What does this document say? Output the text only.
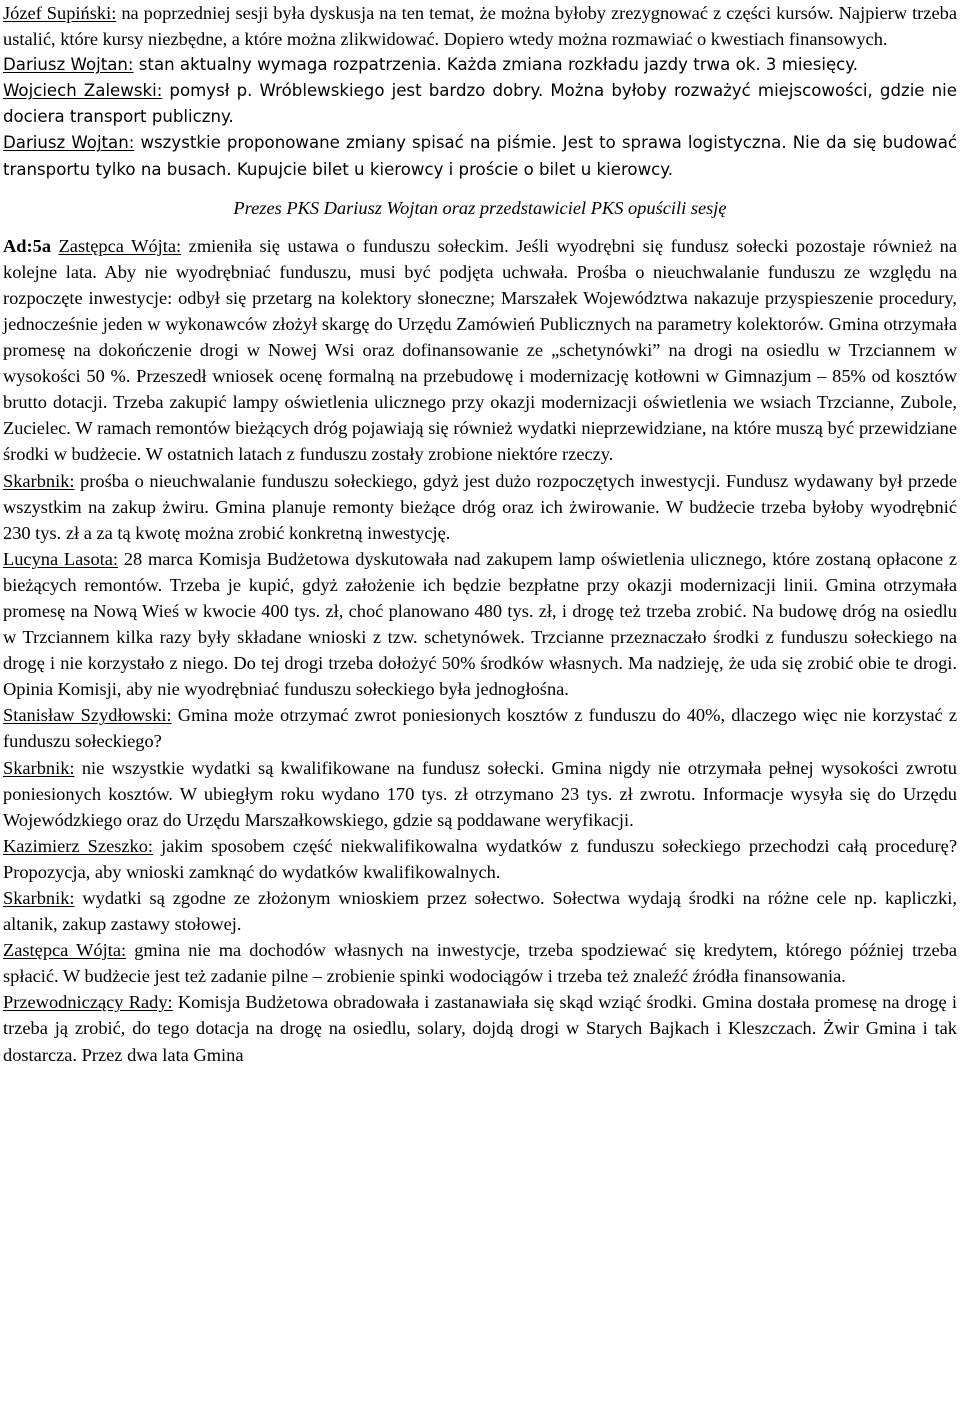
Józef Supiński: na poprzedniej sesji była dyskusja na ten temat, że można byłoby zrezygnować z części kursów. Najpierw trzeba ustalić, które kursy niezbędne, a które można zlikwidować. Dopiero wtedy można rozmawiać o kwestiach finansowych.

Dariusz Wojtan: stan aktualny wymaga rozpatrzenia. Każda zmiana rozkładu jazdy trwa ok. 3 miesięcy.

Wojciech Zalewski: pomysł p. Wróblewskiego jest bardzo dobry. Można byłoby rozważyć miejscowości, gdzie nie dociera transport publiczny.

Dariusz Wojtan: wszystkie proponowane zmiany spisać na piśmie. Jest to sprawa logistyczna. Nie da się budować transportu tylko na busach. Kupujcie bilet u kierowcy i proście o bilet u kierowcy.

Prezes PKS Dariusz Wojtan oraz przedstawiciel PKS opuścili sesję

Ad:5a Zastępca Wójta: zmieniła się ustawa o funduszu sołeckim. Jeśli wyodrębni się fundusz sołecki pozostaje również na kolejne lata. Aby nie wyodrębniać funduszu, musi być podjęta uchwała. Prośba o nieuchwalanie funduszu ze względu na rozpoczęte inwestycje: odbył się przetarg na kolektory słoneczne; Marszałek Województwa nakazuje przyspieszenie procedury, jednocześnie jeden w wykonawców złożył skargę do Urzędu Zamówień Publicznych na parametry kolektorów. Gmina otrzymała promesę na dokończenie drogi w Nowej Wsi oraz dofinansowanie ze „schetynówki” na drogi na osiedlu w Trzciannem w wysokości 50 %. Przeszedł wniosek ocenę formalną na przebudowę i modernizację kotłowni w Gimnazjum – 85% od kosztów brutto dotacji. Trzeba zakupić lampy oświetlenia ulicznego przy okazji modernizacji oświetlenia we wsiach Trzcianne, Zubole, Zucielec. W ramach remontów bieżących dróg pojawiają się również wydatki nieprzewidziane, na które muszą być przewidziane środki w budżecie. W ostatnich latach z funduszu zostały zrobione niektóre rzeczy.

Skarbnik: prośba o nieuchwalanie funduszu sołeckiego, gdyż jest dużo rozpoczętych inwestycji. Fundusz wydawany był przede wszystkim na zakup żwiru. Gmina planuje remonty bieżące dróg oraz ich żwirowanie. W budżecie trzeba byłoby wyodrębnić 230 tys. zł a za tą kwotę można zrobić konkretną inwestycję.

Lucyna Lasota: 28 marca Komisja Budżetowa dyskutowała nad zakupem lamp oświetlenia ulicznego, które zostaną opłacone z bieżących remontów. Trzeba je kupić, gdyż założenie ich będzie bezpłatne przy okazji modernizacji linii. Gmina otrzymała promesę na Nową Wieś w kwocie 400 tys. zł, choć planowano 480 tys. zł, i drogę też trzeba zrobić. Na budowę dróg na osiedlu w Trzciannem kilka razy były składane wnioski z tzw. schetynówek. Trzcianne przeznaczało środki z funduszu sołeckiego na drogę i nie korzystało z niego. Do tej drogi trzeba dołożyć 50% środków własnych. Ma nadzieję, że uda się zrobić obie te drogi. Opinia Komisji, aby nie wyodrębniać funduszu sołeckiego była jednogłośna.

Stanisław Szydłowski: Gmina może otrzymać zwrot poniesionych kosztów z funduszu do 40%, dlaczego więc nie korzystać z funduszu sołeckiego?

Skarbnik: nie wszystkie wydatki są kwalifikowane na fundusz sołecki. Gmina nigdy nie otrzymała pełnej wysokości zwrotu poniesionych kosztów. W ubiegłym roku wydano 170 tys. zł otrzymano 23 tys. zł zwrotu. Informacje wysyła się do Urzędu Wojewódzkiego oraz do Urzędu Marszałkowskiego, gdzie są poddawane weryfikacji.

Kazimierz Szeszko: jakim sposobem część niekwalifikowalna wydatków z funduszu sołeckiego przechodzi całą procedurę? Propozycja, aby wnioski zamknąć do wydatków kwalifikowalnych.

Skarbnik: wydatki są zgodne ze złożonym wnioskiem przez sołectwo. Sołectwa wydają środki na różne cele np. kapliczki, altanik, zakup zastawy stołowej.

Zastępca Wójta: gmina nie ma dochodów własnych na inwestycje, trzeba spodziewać się kredytem, którego później trzeba spłacić. W budżecie jest też zadanie pilne – zrobienie spinki wodociągów i trzeba też znaleźć źródła finansowania.

Przewodniczący Rady: Komisja Budżetowa obradowała i zastanawiała się skąd wziąć środki. Gmina dostała promesę na drogę i trzeba ją zrobić, do tego dotacja na drogę na osiedlu, solary, dojdą drogi w Starych Bajkach i Kleszczach. Żwir Gmina i tak dostarcza. Przez dwa lata Gmina
